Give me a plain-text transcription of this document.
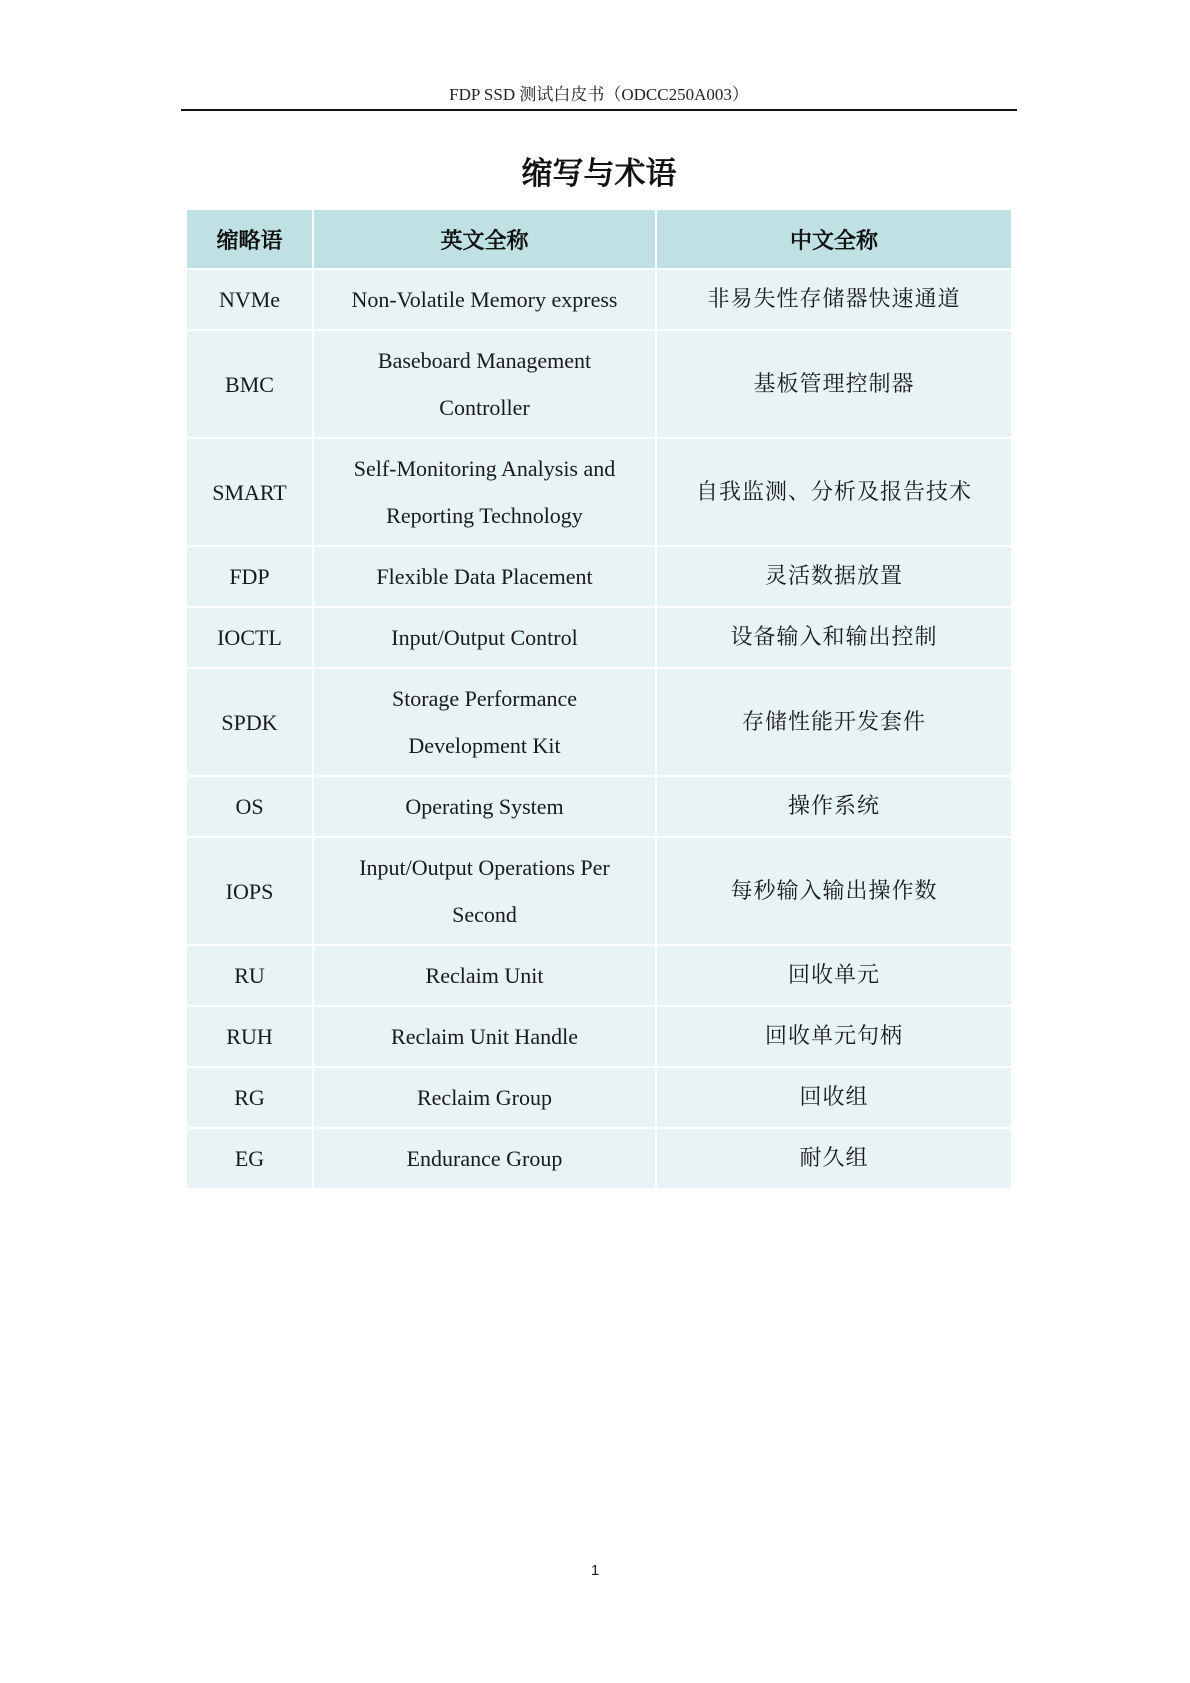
FDP SSD 测试白皮书（ODCC250A003）
缩写与术语
缩略语	英文全称	中文全称
NVMe	Non-Volatile Memory express	非易失性存储器快速通道
BMC	Baseboard Management Controller	基板管理控制器
SMART	Self-Monitoring Analysis and Reporting Technology	自我监测、分析及报告技术
FDP	Flexible Data Placement	灵活数据放置
IOCTL	Input/Output Control	设备输入和输出控制
SPDK	Storage Performance Development Kit	存储性能开发套件
OS	Operating System	操作系统
IOPS	Input/Output Operations Per Second	每秒输入输出操作数
RU	Reclaim Unit	回收单元
RUH	Reclaim Unit Handle	回收单元句柄
RG	Reclaim Group	回收组
EG	Endurance Group	耐久组
1
